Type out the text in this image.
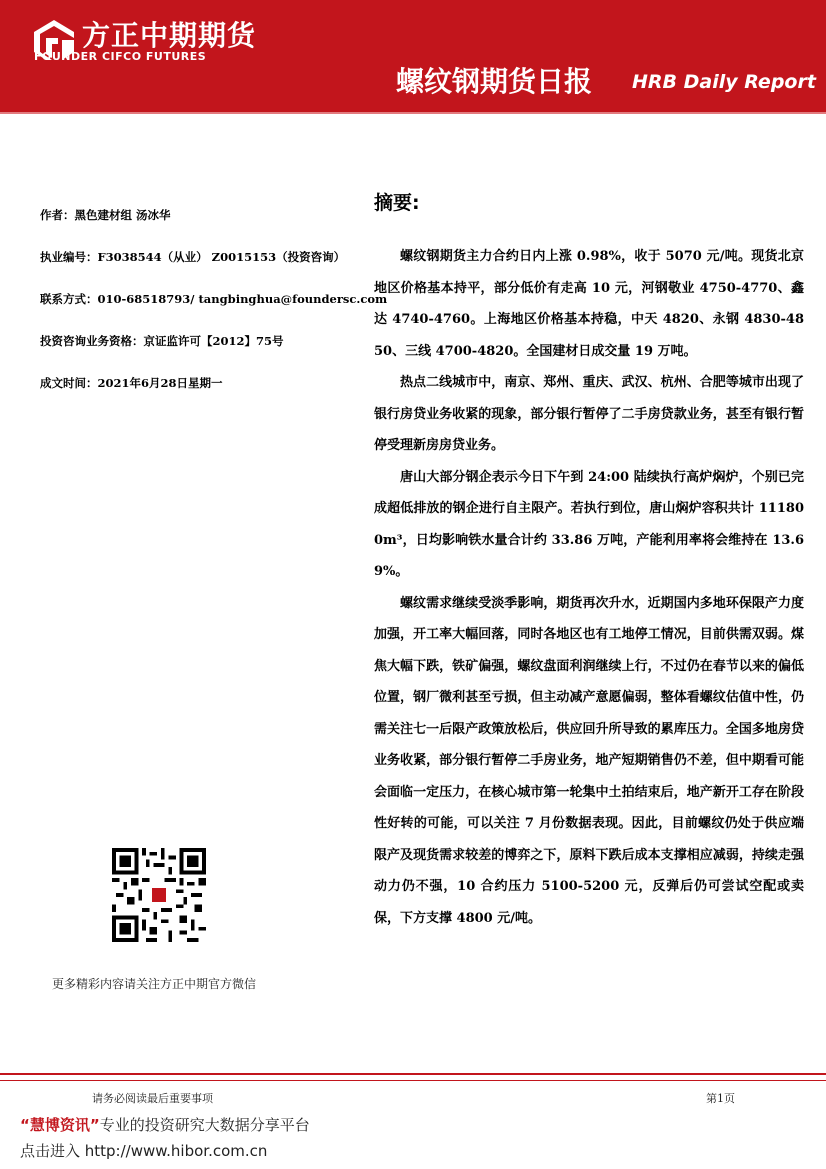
方正中期期货
FOUNDER CIFCO FUTURES
螺纹钢期货日报 HRB Daily Report
作者：黑色建材组 汤冰华
执业编号：F3038544（从业） Z0015153（投资咨询）
联系方式：010-68518793/ tangbinghua@foundersc.com
投资咨询业务资格：京证监许可【2012】75号
成文时间：2021年6月28日星期一
摘要:

螺纹钢期货主力合约日内上涨 0.98%，收于 5070 元/吨。现货北京地区价格基本持平，部分低价有走高 10 元，河钢敬业 4750-4770、鑫达 4740-4760。上海地区价格基本持稳，中天 4820、永钢 4830-4850、三线 4700-4820。全国建材日成交量 19 万吨。

热点二线城市中，南京、郑州、重庆、武汉、杭州、合肥等城市出现了银行房贷业务收紧的现象，部分银行暂停了二手房贷款业务，甚至有银行暂停受理新房房贷业务。

唐山大部分钢企表示今日下午到 24:00 陆续执行高炉焖炉，个别已完成超低排放的钢企进行自主限产。若执行到位，唐山焖炉容积共计 111800m³，日均影响铁水量合计约 33.86 万吨，产能利用率将会维持在 13.69%。

螺纹需求继续受淡季影响，期货再次升水，近期国内多地环保限产力度加强，开工率大幅回落，同时各地区也有工地停工情况，目前供需双弱。煤焦大幅下跌，铁矿偏强，螺纹盘面利润继续上行，不过仍在春节以来的偏低位置，钢厂微利甚至亏损，但主动减产意愿偏弱，整体看螺纹估值中性，仍需关注七一后限产政策放松后，供应回升所导致的累库压力。全国多地房贷业务收紧，部分银行暂停二手房业务，地产短期销售仍不差，但中期看可能会面临一定压力，在核心城市第一轮集中土拍结束后，地产新开工存在阶段性好转的可能，可以关注 7 月份数据表现。因此，目前螺纹仍处于供应端限产及现货需求较差的博弈之下，原料下跌后成本支撑相应减弱，持续走强动力仍不强，10 合约压力 5100-5200 元，反弹后仍可尝试空配或卖保，下方支撑 4800 元/吨。

更多精彩内容请关注方正中期官方微信
请务必阅读最后重要事项	第1页
“慧博资讯”专业的投资研究大数据分享平台
点击进入 http://www.hibor.com.cn
